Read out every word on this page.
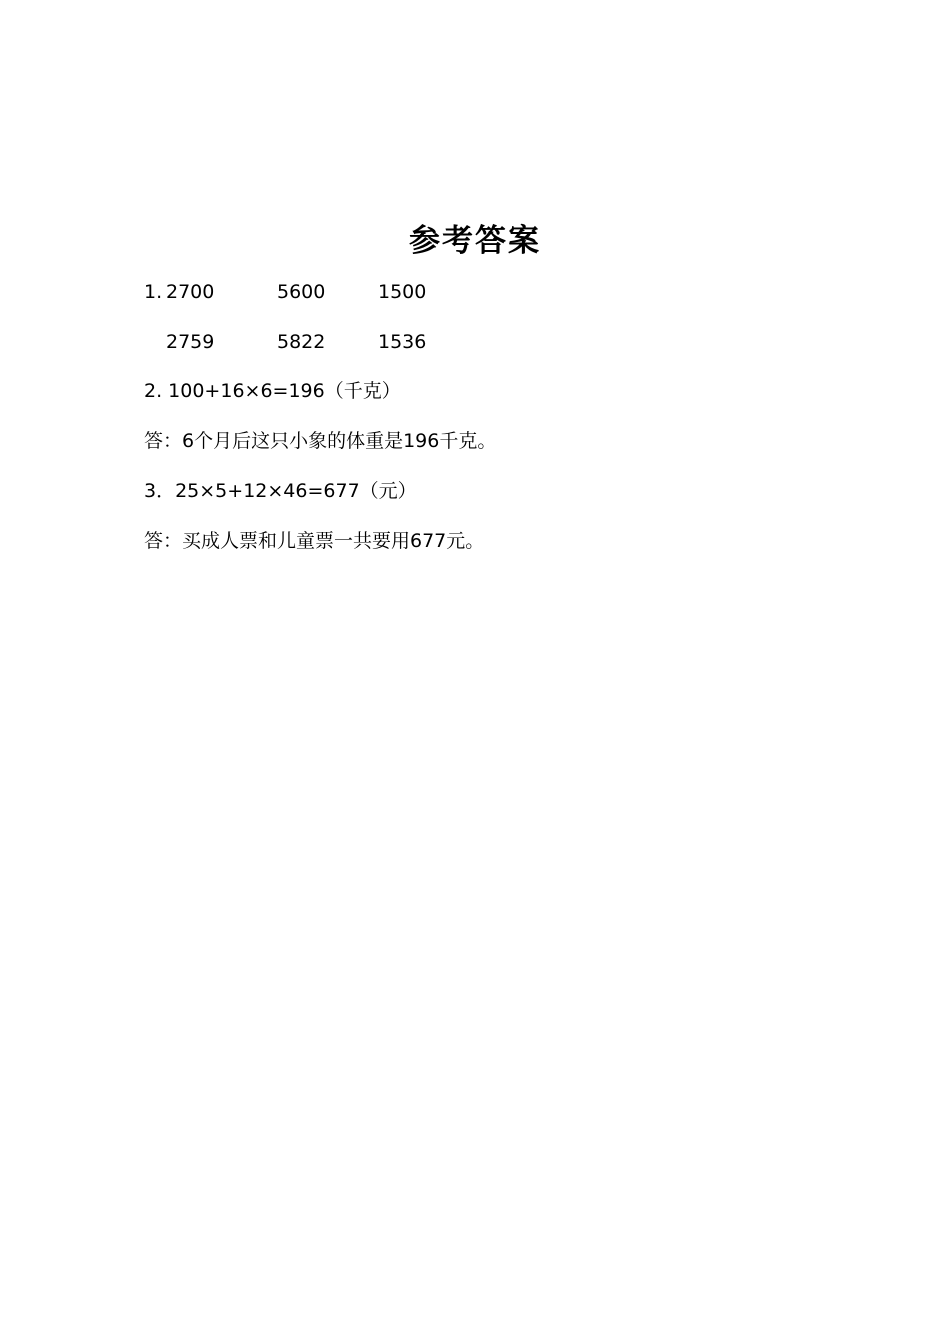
参考答案
1. 2700	5600	1500
2759	5822	1536
2. 100+16×6=196（千克）
答：6个月后这只小象的体重是196千克。
3．25×5+12×46=677（元）
答：买成人票和儿童票一共要用677元。
